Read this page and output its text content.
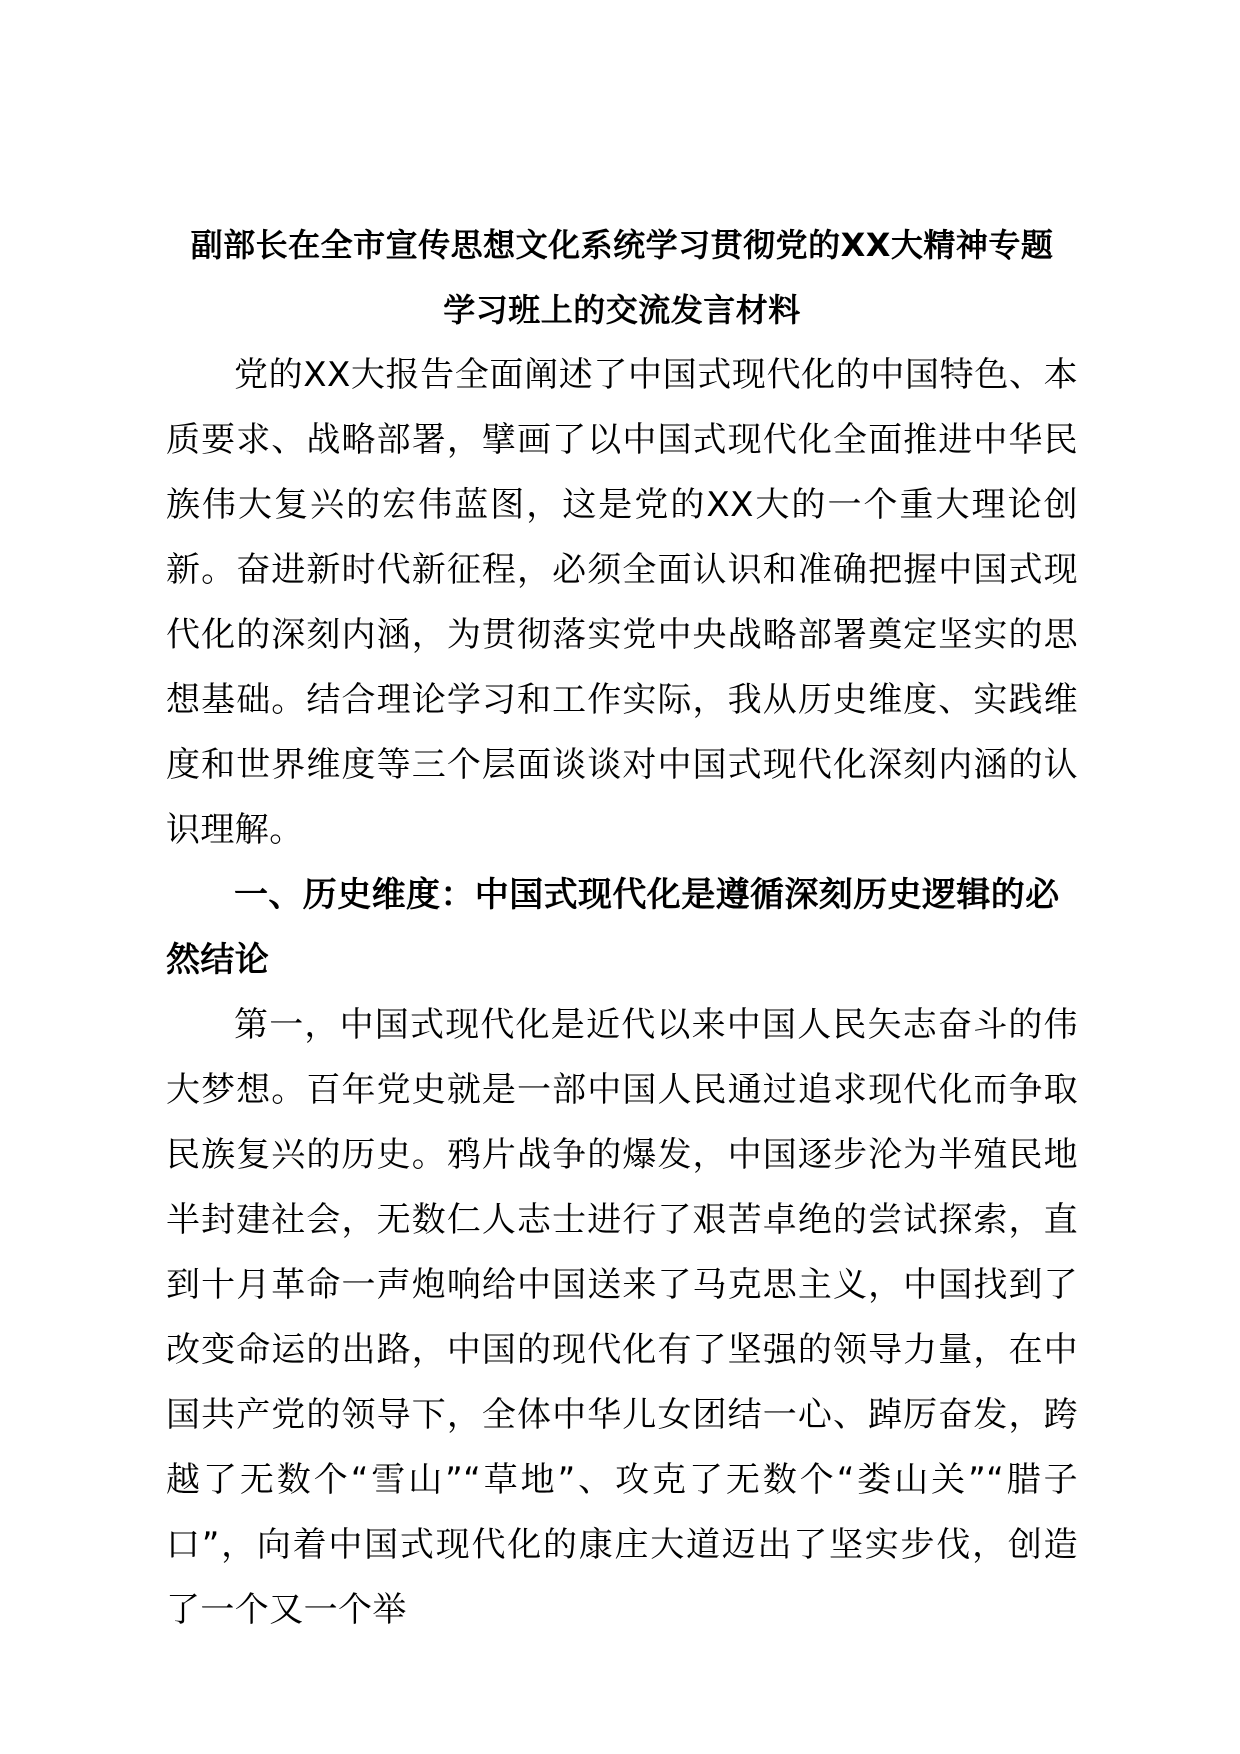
副部长在全市宣传思想文化系统学习贯彻党的XX大精神专题
学习班上的交流发言材料

党的XX大报告全面阐述了中国式现代化的中国特色、本质要求、战略部署，擘画了以中国式现代化全面推进中华民族伟大复兴的宏伟蓝图，这是党的XX大的一个重大理论创新。奋进新时代新征程，必须全面认识和准确把握中国式现代化的深刻内涵，为贯彻落实党中央战略部署奠定坚实的思想基础。结合理论学习和工作实际，我从历史维度、实践维度和世界维度等三个层面谈谈对中国式现代化深刻内涵的认识理解。

一、历史维度：中国式现代化是遵循深刻历史逻辑的必然结论

第一，中国式现代化是近代以来中国人民矢志奋斗的伟大梦想。百年党史就是一部中国人民通过追求现代化而争取民族复兴的历史。鸦片战争的爆发，中国逐步沦为半殖民地半封建社会，无数仁人志士进行了艰苦卓绝的尝试探索，直到十月革命一声炮响给中国送来了马克思主义，中国找到了改变命运的出路，中国的现代化有了坚强的领导力量，在中国共产党的领导下，全体中华儿女团结一心、踔厉奋发，跨越了无数个“雪山”“草地”、攻克了无数个“娄山关”“腊子口”，向着中国式现代化的康庄大道迈出了坚实步伐，创造了一个又一个举
